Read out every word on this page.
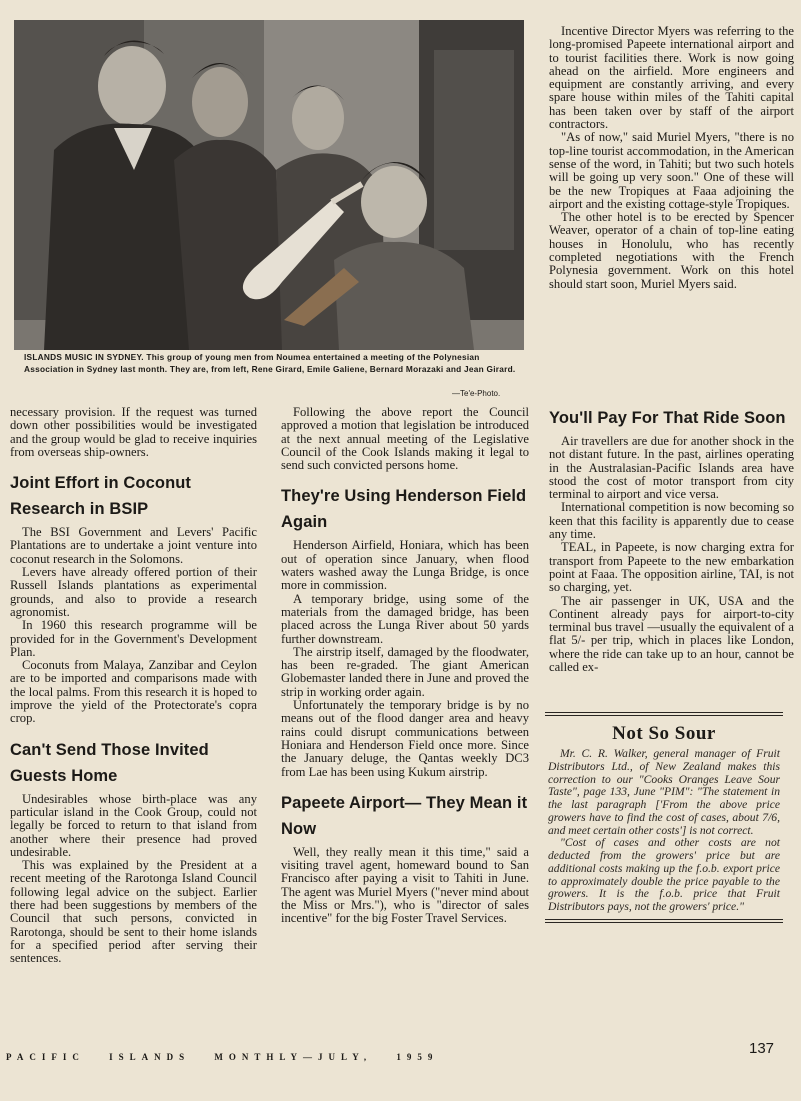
ISLANDS MUSIC IN SYDNEY. This group of young men from Noumea entertained a meeting of the Polynesian Association in Sydney last month. They are, from left, Rene Girard, Emile Galiene, Bernard Morazaki and Jean Girard.
—Te'e-Photo.

necessary provision. If the request was turned down other possibilities would be investigated and the group would be glad to receive inquiries from overseas ship-owners.

Joint Effort in Coconut Research in BSIP

The BSI Government and Levers' Pacific Plantations are to undertake a joint venture into coconut research in the Solomons.

Levers have already offered portion of their Russell Islands plantations as experimental grounds, and also to provide a research agronomist.

In 1960 this research programme will be provided for in the Government's Development Plan.

Coconuts from Malaya, Zanzibar and Ceylon are to be imported and comparisons made with the local palms. From this research it is hoped to improve the yield of the Protectorate's copra crop.

Can't Send Those Invited Guests Home

Undesirables whose birth-place was any particular island in the Cook Group, could not legally be forced to return to that island from another where their presence had proved undesirable.

This was explained by the President at a recent meeting of the Rarotonga Island Council following legal advice on the subject. Earlier there had been suggestions by members of the Council that such persons, convicted in Rarotonga, should be sent to their home islands for a specified period after serving their sentences.

Following the above report the Council approved a motion that legislation be introduced at the next annual meeting of the Legislative Council of the Cook Islands making it legal to send such convicted persons home.

They're Using Henderson Field Again

Henderson Airfield, Honiara, which has been out of operation since January, when flood waters washed away the Lunga Bridge, is once more in commission.

A temporary bridge, using some of the materials from the damaged bridge, has been placed across the Lunga River about 50 yards further downstream.

The airstrip itself, damaged by the floodwater, has been re-graded. The giant American Globemaster landed there in June and proved the strip in working order again.

Unfortunately the temporary bridge is by no means out of the flood danger area and heavy rains could disrupt communications between Honiara and Henderson Field once more. Since the January deluge, the Qantas weekly DC3 from Lae has been using Kukum airstrip.

Papeete Airport— They Mean it Now

Well, they really mean it this time," said a visiting travel agent, homeward bound to San Francisco after paying a visit to Tahiti in June. The agent was Muriel Myers ("never mind about the Miss or Mrs."), who is "director of sales incentive" for the big Foster Travel Services.

Incentive Director Myers was referring to the long-promised Papeete international airport and to tourist facilities there. Work is now going ahead on the airfield. More engineers and equipment are constantly arriving, and every spare house within miles of the Tahiti capital has been taken over by staff of the airport contractors.

"As of now," said Muriel Myers, "there is no top-line tourist accommodation, in the American sense of the word, in Tahiti; but two such hotels will be going up very soon." One of these will be the new Tropiques at Faaa adjoining the airport and the existing cottage-style Tropiques.

The other hotel is to be erected by Spencer Weaver, operator of a chain of top-line eating houses in Honolulu, who has recently completed negotiations with the French Polynesia government. Work on this hotel should start soon, Muriel Myers said.

You'll Pay For That Ride Soon

Air travellers are due for another shock in the not distant future. In the past, airlines operating in the Australasian-Pacific Islands area have stood the cost of motor transport from city terminal to airport and vice versa.

International competition is now becoming so keen that this facility is apparently due to cease any time.

TEAL, in Papeete, is now charging extra for transport from Papeete to the new embarkation point at Faaa. The opposition airline, TAI, is not so charging, yet.

The air passenger in UK, USA and the Continent already pays for airport-to-city terminal bus travel —usually the equivalent of a flat 5/- per trip, which in places like London, where the ride can take up to an hour, cannot be called ex-

Not So Sour

Mr. C. R. Walker, general manager of Fruit Distributors Ltd., of New Zealand makes this correction to our "Cooks Oranges Leave Sour Taste", page 133, June "PIM": "The statement in the last paragraph ['From the above price growers have to find the cost of cases, about 7/6, and meet certain other costs'] is not correct.

"Cost of cases and other costs are not deducted from the growers' price but are additional costs making up the f.o.b. export price to approximately double the price payable to the growers. It is the f.o.b. price that Fruit Distributors pays, not the growers' price."

PACIFIC ISLANDS MONTHLY—JULY, 1959	137
